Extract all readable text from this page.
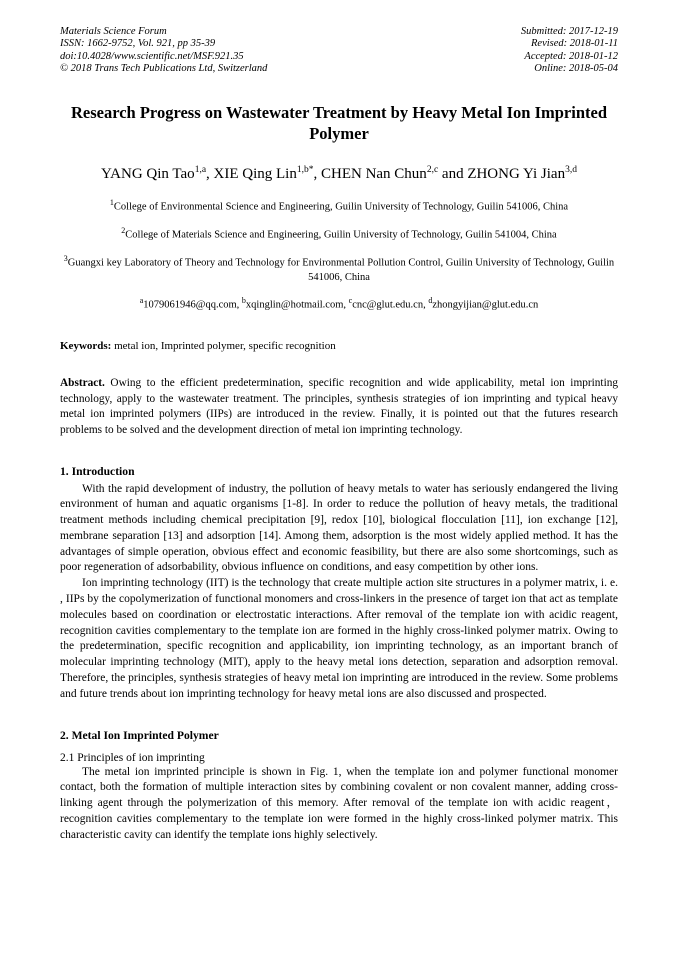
Materials Science Forum
ISSN: 1662-9752, Vol. 921, pp 35-39
doi:10.4028/www.scientific.net/MSF.921.35
© 2018 Trans Tech Publications Ltd, Switzerland
Submitted: 2017-12-19
Revised: 2018-01-11
Accepted: 2018-01-12
Online: 2018-05-04
Research Progress on Wastewater Treatment by Heavy Metal Ion Imprinted Polymer
YANG Qin Tao$^{1,a}$, XIE Qing Lin$^{1,b*}$, CHEN Nan Chun$^{2,c}$ and ZHONG Yi Jian$^{3,d}$
$^1$College of Environmental Science and Engineering, Guilin University of Technology, Guilin 541006, China
$^2$College of Materials Science and Engineering, Guilin University of Technology, Guilin 541004, China
$^3$Guangxi key Laboratory of Theory and Technology for Environmental Pollution Control, Guilin University of Technology, Guilin 541006, China
$^a$1079061946@qq.com, $^b$xqinglin@hotmail.com, $^c$cnc@glut.edu.cn, $^d$zhongyijian@glut.edu.cn
Keywords: metal ion, Imprinted polymer, specific recognition
Abstract. Owing to the efficient predetermination, specific recognition and wide applicability, metal ion imprinting technology, apply to the wastewater treatment. The principles, synthesis strategies of ion imprinting and typical heavy metal ion imprinted polymers (IIPs) are introduced in the review. Finally, it is pointed out that the futures research problems to be solved and the development direction of metal ion imprinting technology.
1. Introduction

With the rapid development of industry, the pollution of heavy metals to water has seriously endangered the living environment of human and aquatic organisms [1-8]. In order to reduce the pollution of heavy metals, the traditional treatment methods including chemical precipitation [9], redox [10], biological flocculation [11], ion exchange [12], membrane separation [13] and adsorption [14]. Among them, adsorption is the most widely applied method. It has the advantages of simple operation, obvious effect and economic feasibility, but there are also some shortcomings, such as poor regeneration of adsorbability, obvious influence on conditions, and easy competition by other ions.

Ion imprinting technology (IIT) is the technology that create multiple action site structures in a polymer matrix, i. e. , IIPs by the copolymerization of functional monomers and cross-linkers in the presence of target ion that act as template molecules based on coordination or electrostatic interactions. After removal of the template ion with acidic reagent, recognition cavities complementary to the template ion are formed in the highly cross-linked polymer matrix. Owing to the predetermination, specific recognition and applicability, ion imprinting technology, as an important branch of molecular imprinting technology (MIT), apply to the heavy metal ions detection, separation and adsorption removal. Therefore, the principles, synthesis strategies of heavy metal ion imprinting are introduced in the review. Some problems and future trends about ion imprinting technology for heavy metal ions are also discussed and prospected.

2. Metal Ion Imprinted Polymer
2.1 Principles of ion imprinting

The metal ion imprinted principle is shown in Fig. 1, when the template ion and polymer functional monomer contact, both the formation of multiple interaction sites by combining covalent or non covalent manner, adding cross-linking agent through the polymerization of this memory. After removal of the template ion with acidic reagent，recognition cavities complementary to the template ion were formed in the highly cross-linked polymer matrix. This characteristic cavity can identify the template ions highly selectively.
